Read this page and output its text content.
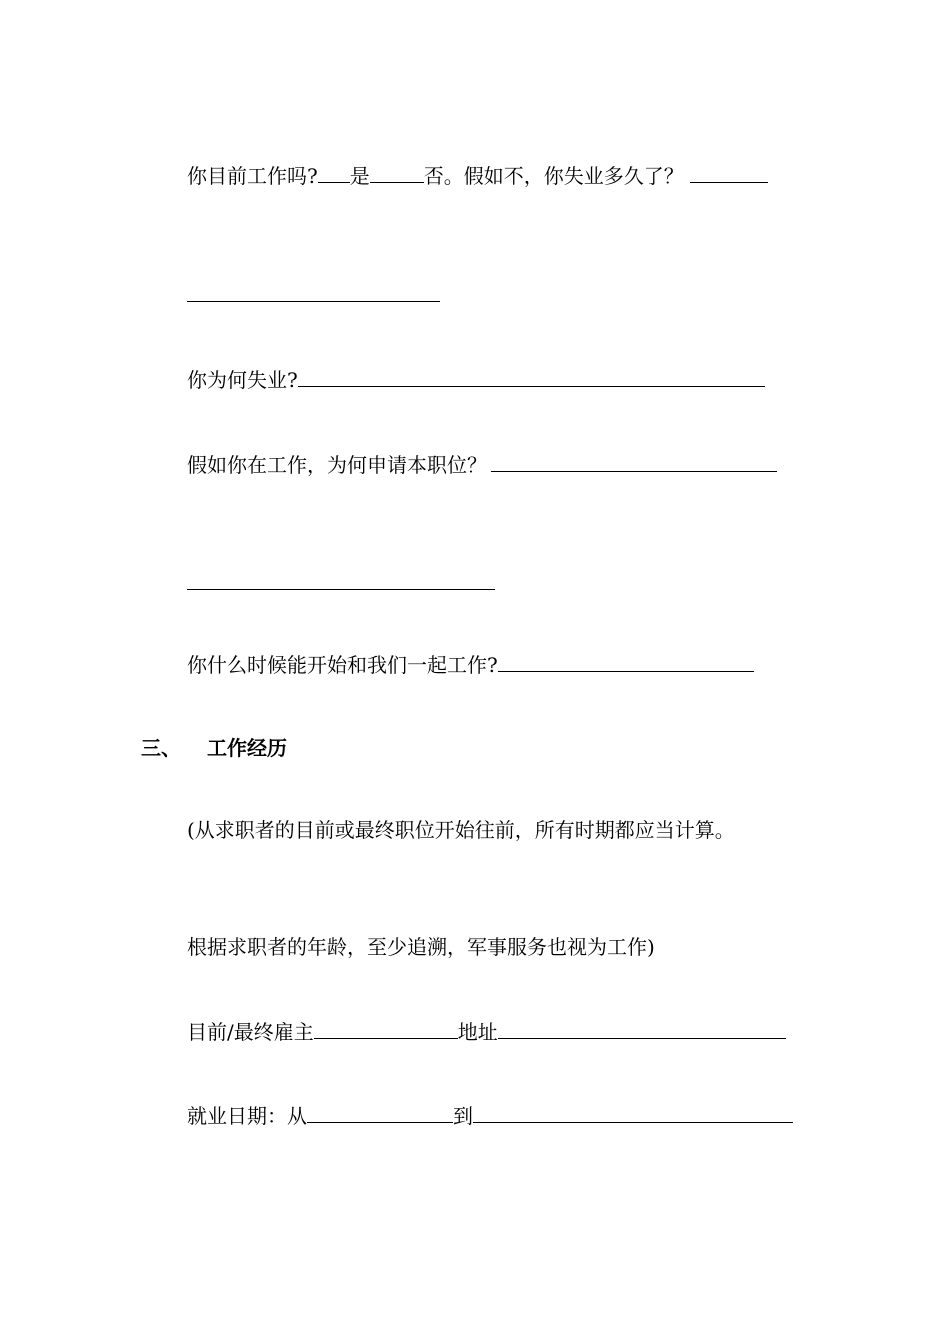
你目前工作吗? 是	否。假如不，你失业多久了？
你为何失业?
假如你在工作，为何申请本职位？
你什么时候能开始和我们一起工作?
三、 工作经历
(从求职者的目前或最终职位开始往前，所有时期都应当计算。
根据求职者的年龄，至少追溯，军事服务也视为工作)
目前/最终雇主	地址
就业日期：从	到
